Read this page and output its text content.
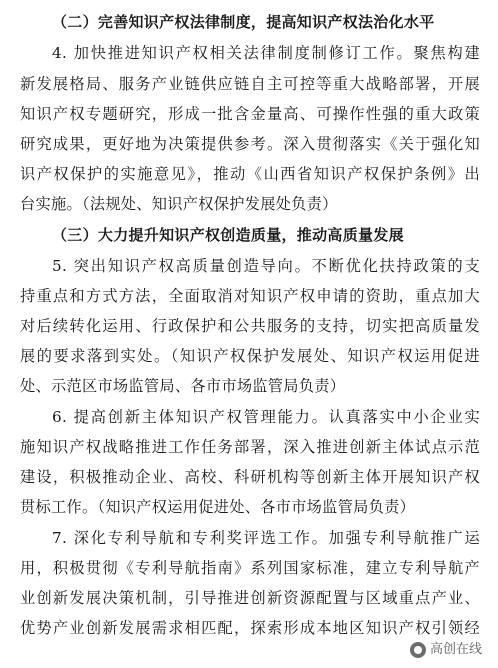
（二）完善知识产权法律制度，提高知识产权法治化水平
4. 加快推进知识产权相关法律制度制修订工作。聚焦构建
新发展格局、服务产业链供应链自主可控等重大战略部署，开展
知识产权专题研究，形成一批含金量高、可操作性强的重大政策
研究成果，更好地为决策提供参考。深入贯彻落实《关于强化知
识产权保护的实施意见》，推动《山西省知识产权保护条例》出
台实施。（法规处、知识产权保护发展处负责）
（三）大力提升知识产权创造质量，推动高质量发展
5. 突出知识产权高质量创造导向。不断优化扶持政策的支
持重点和方式方法，全面取消对知识产权申请的资助，重点加大
对后续转化运用、行政保护和公共服务的支持，切实把高质量发
展的要求落到实处。（知识产权保护发展处、知识产权运用促进
处、示范区市场监管局、各市市场监管局负责）
6. 提高创新主体知识产权管理能力。认真落实中小企业实
施知识产权战略推进工作任务部署，深入推进创新主体试点示范
建设，积极推动企业、高校、科研机构等创新主体开展知识产权
贯标工作。（知识产权运用促进处、各市市场监管局负责）
7. 深化专利导航和专利奖评选工作。加强专利导航推广运
用，积极贯彻《专利导航指南》系列国家标准，建立专利导航产
业创新发展决策机制，引导推进创新资源配置与区域重点产业、
优势产业创新发展需求相匹配，探索形成本地区知识产权引领经
高创在线
